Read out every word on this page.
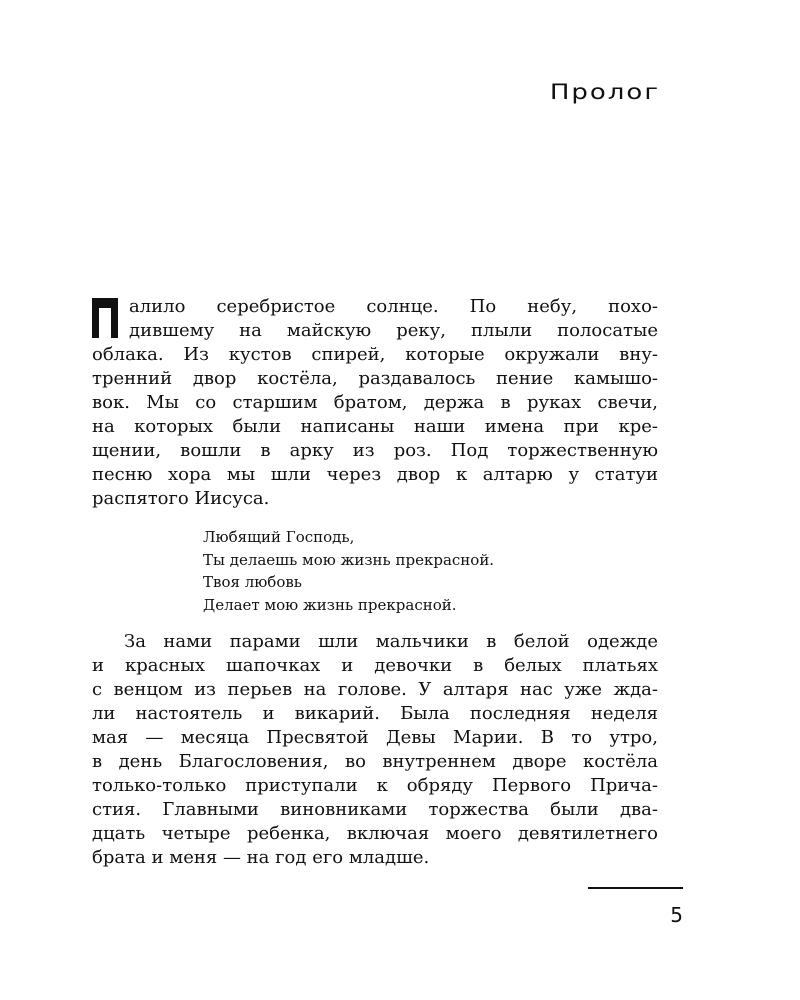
Пролог
алило серебристое солнце. По небу, похо-
дившему на майскую реку, плыли полосатые
облака. Из кустов спирей, которые окружали вну-
тренний двор костёла, раздавалось пение камышо-
вок. Мы со старшим братом, держа в руках свечи,
на которых были написаны наши имена при кре-
щении, вошли в арку из роз. Под торжественную
песню хора мы шли через двор к алтарю у статуи
распятого Иисуса.
Любящий Господь,
Ты делаешь мою жизнь прекрасной.
Твоя любовь
Делает мою жизнь прекрасной.
За нами парами шли мальчики в белой одежде
и красных шапочках и девочки в белых платьях
с венцом из перьев на голове. У алтаря нас уже жда-
ли настоятель и викарий. Была последняя неделя
мая — месяца Пресвятой Девы Марии. В то утро,
в день Благословения, во внутреннем дворе костёла
только-только приступали к обряду Первого Прича-
стия. Главными виновниками торжества были два-
дцать четыре ребенка, включая моего девятилетнего
брата и меня — на год его младше.
5
